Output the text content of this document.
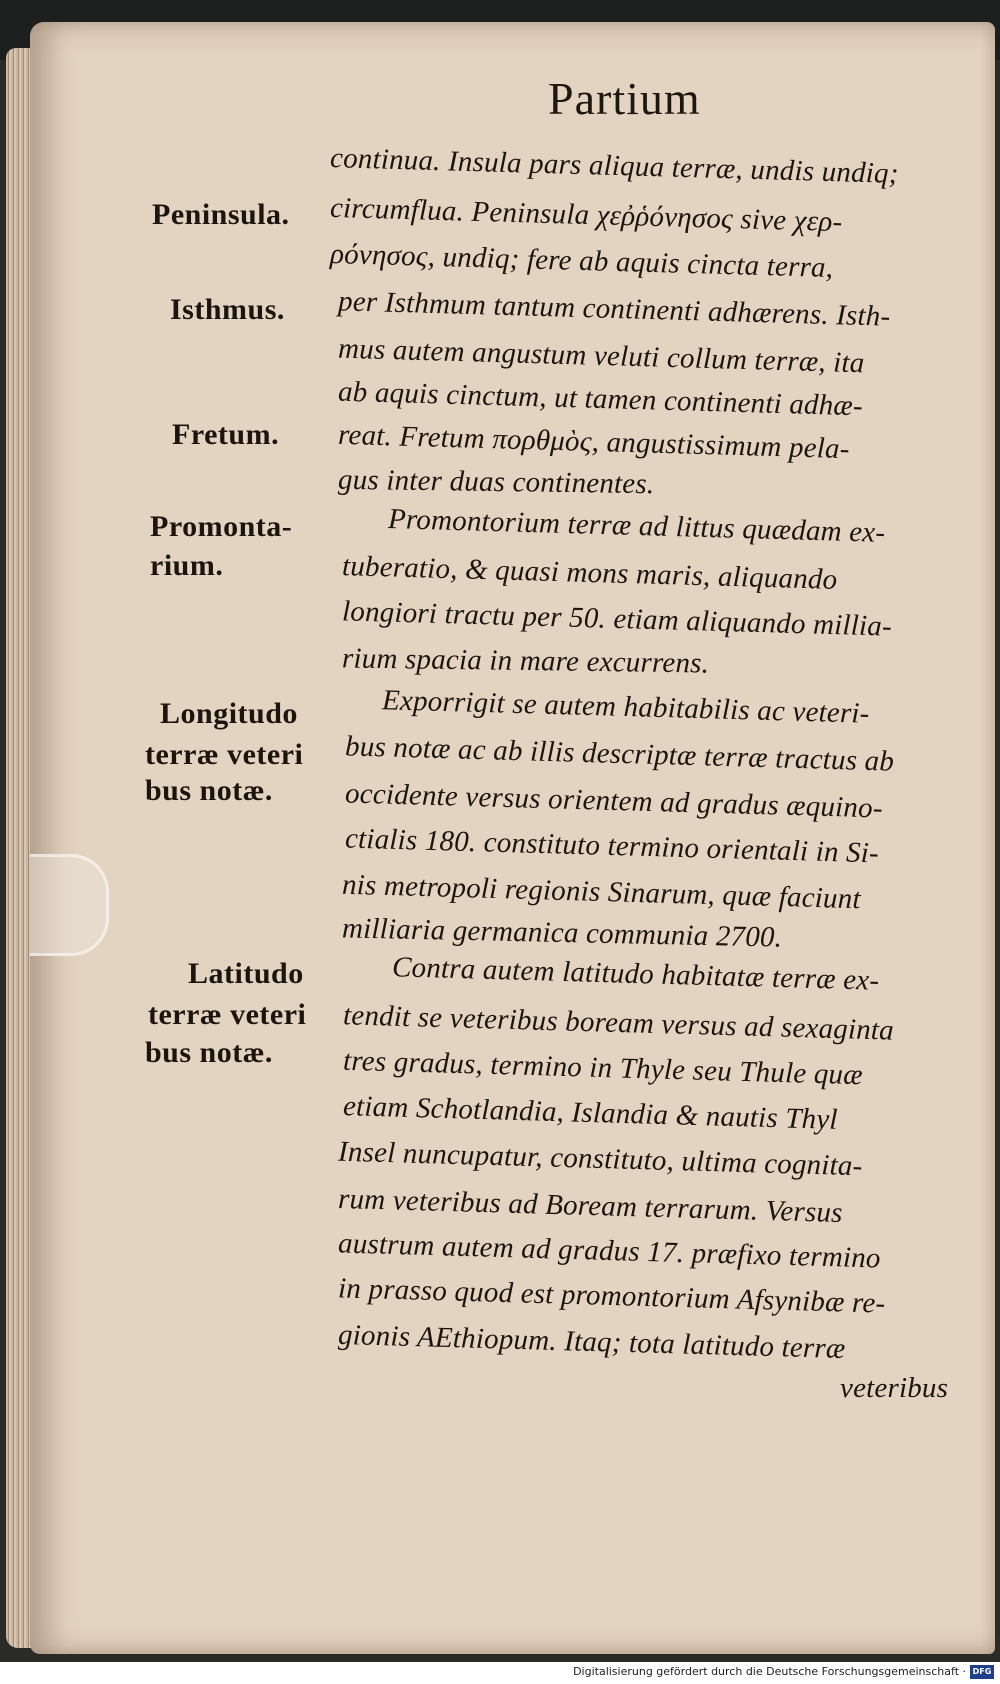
Partium
Peninsula.
Isthmus.
Fretum.
Promonta-
rium.
Longitudo
terræ veteri
bus notæ.
Latitudo
terræ veteri
bus notæ.
continua. Insula pars aliqua terræ, undis undiq;
circumflua. Peninsula χεῤῥόνησος sive χερ-
ρόνησος, undiq; fere ab aquis cincta terra,
per Isthmum tantum continenti adhærens. Isth-
mus autem angustum veluti collum terræ, ita
ab aquis cinctum, ut tamen continenti adhæ-
reat. Fretum πορθμὸς, angustissimum pela-
gus inter duas continentes.
Promontorium terræ ad littus quædam ex-
tuberatio, & quasi mons maris, aliquando
longiori tractu per 50. etiam aliquando millia-
rium spacia in mare excurrens.
Exporrigit se autem habitabilis ac veteri-
bus notæ ac ab illis descriptæ terræ tractus ab
occidente versus orientem ad gradus æquino-
ctialis 180. constituto termino orientali in Si-
nis metropoli regionis Sinarum, quæ faciunt
milliaria germanica communia 2700.
Contra autem latitudo habitatæ terræ ex-
tendit se veteribus boream versus ad sexaginta
tres gradus, termino in Thyle seu Thule quæ
etiam Schotlandia, Islandia & nautis Thyl
Insel nuncupatur, constituto, ultima cognita-
rum veteribus ad Boream terrarum. Versus
austrum autem ad gradus 17. præfixo termino
in prasso quod est promontorium Afsynibæ re-
gionis AEthiopum. Itaq; tota latitudo terræ
veteribus
Digitalisierung gefördert durch die Deutsche Forschungsgemeinschaft · DFG
